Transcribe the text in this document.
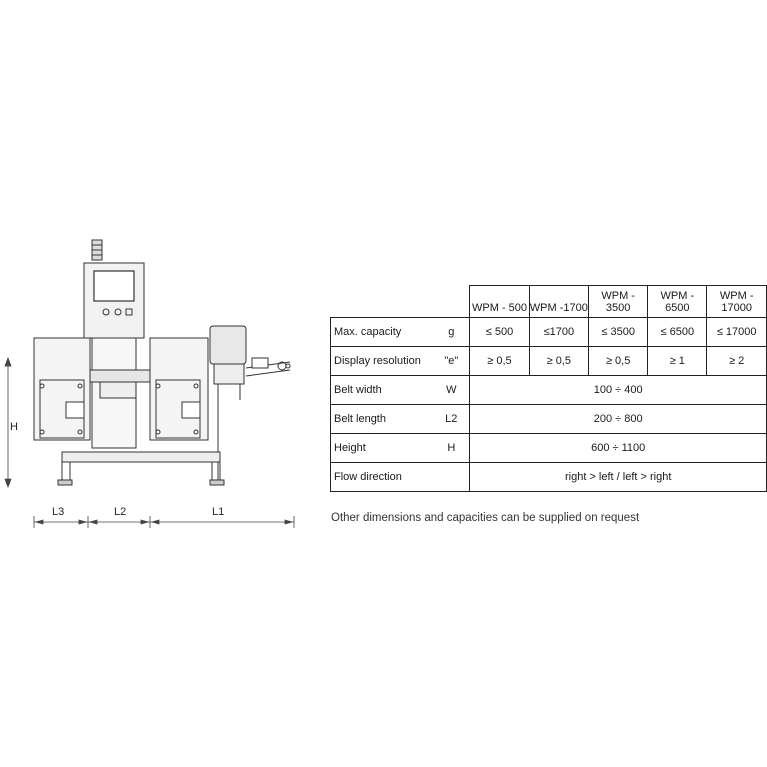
H
L3	L2	L1
		WPM - 500	WPM -1700	WPM - 3500	WPM - 6500	WPM - 17000
Max. capacity	g	≤ 500	≤1700	≤ 3500	≤ 6500	≤ 17000
Display resolution	"e"	≥ 0,5	≥ 0,5	≥ 0,5	≥ 1	≥ 2
Belt width	W	100 ÷ 400				
Belt length	L2	200 ÷ 800				
Height	H	600 ÷ 1100				
Flow direction		right > left / left > right				
Other dimensions and capacities can be supplied on request
